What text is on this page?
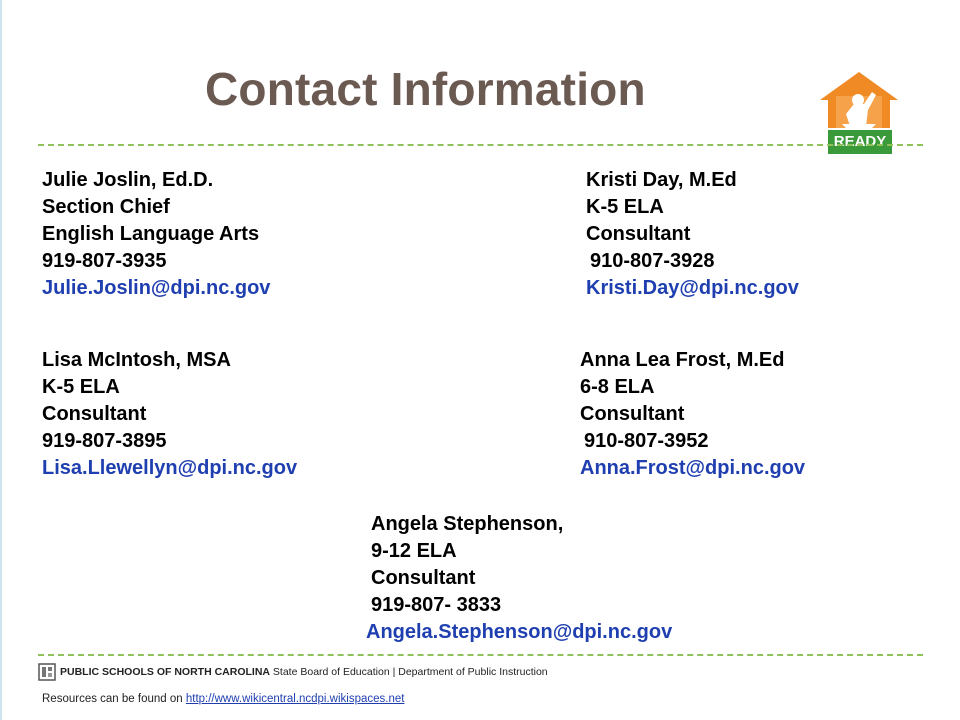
Contact Information
READY
Julie Joslin, Ed.D.
Section Chief
English Language Arts
919-807-3935
Julie.Joslin@dpi.nc.gov
Kristi Day, M.Ed
K-5 ELA
Consultant
910-807-3928
Kristi.Day@dpi.nc.gov
Lisa McIntosh, MSA
K-5 ELA
Consultant
919-807-3895
Lisa.Llewellyn@dpi.nc.gov
Anna Lea Frost, M.Ed
6-8 ELA
Consultant
910-807-3952
Anna.Frost@dpi.nc.gov
Angela Stephenson,
9-12 ELA
Consultant
919-807- 3833
Angela.Stephenson@dpi.nc.gov
PUBLIC SCHOOLS OF NORTH CAROLINA State Board of Education | Department of Public Instruction
Resources can be found on http://www.wikicentral.ncdpi.wikispaces.net
